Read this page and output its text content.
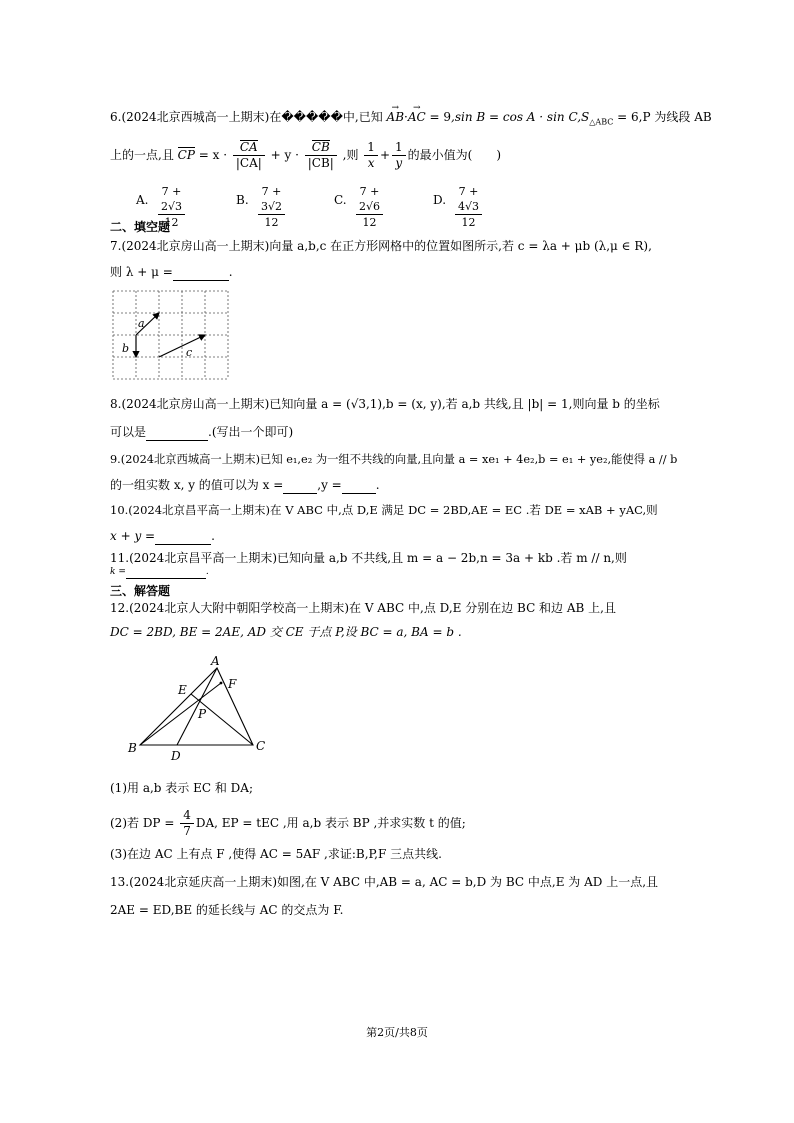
6.(2024北京西城高一上期末)在�����中,已知 → AB·→ AC = 9,sin $B = \cos A \cdot \sin C,S_{\triangle ABC} = 6,P$ 为线段 AB
上的一点,且 CP = $x \cdot \frac{CA}{|CA|} + y \cdot \frac{CB}{|CB|}$ ,则 $\frac{1}{x} + \frac{1}{y}$ 的最小值为(　　)
A. $\frac{7 + 2√3}{12}$	B. $\frac{7 + 3√2}{12}$	C. $\frac{7 + 2√6}{12}$	D. $\frac{7 + 4√3}{12}$
二、填空题
7.(2024北京房山高一上期末)向量 a,b,c 在正方形网格中的位置如图所示,若 c = λa + μb (λ,μ ∈ R),
则 λ + μ =	.
a
b	c
8.(2024北京房山高一上期末)已知向量 a = (√3,1),b = (x, y),若 a,b 共线,且 |b| = 1,则向量 b 的坐标
可以是	.(写出一个即可)
9.(2024北京西城高一上期末)已知 e₁,e₂ 为一组不共线的向量,且向量 a = xe₁ + 4e₂,b = e₁ + ye₂,能使得 a // b
的一组实数 x, y 的值可以为 x =	,y =	.
10.(2024北京昌平高一上期末)在 V ABC 中,点 D,E 满足 DC = 2BD,AE = EC .若 DE = xAB + yAC,则
x + y =	.
11.(2024北京昌平高一上期末)已知向量 a,b 不共线,且 m = a − 2b,n = 3a + kb .若 m // n,则
k =	.
三、解答题
12.(2024北京人大附中朝阳学校高一上期末)在 V ABC 中,点 D,E 分别在边 BC 和边 AB 上,且
DC = 2BD, BE = 2AE, AD 交 CE 于点 P,设 BC = a, BA = b .
A
B	C
D
E	F
P
(1)用 a,b 表示 EC 和 DA;
(2)若 DP = $\frac{4}{7}$ DA, EP = tEC ,用 a,b 表示 BP ,并求实数 t 的值;
(3)在边 AC 上有点 F ,使得 AC = 5AF ,求证:B,P,F 三点共线.
13.(2024北京延庆高一上期末)如图,在 V ABC 中,AB = a, AC = b,D 为 BC 中点,E 为 AD 上一点,且
2AE = ED,BE 的延长线与 AC 的交点为 F.
第2页/共8页
